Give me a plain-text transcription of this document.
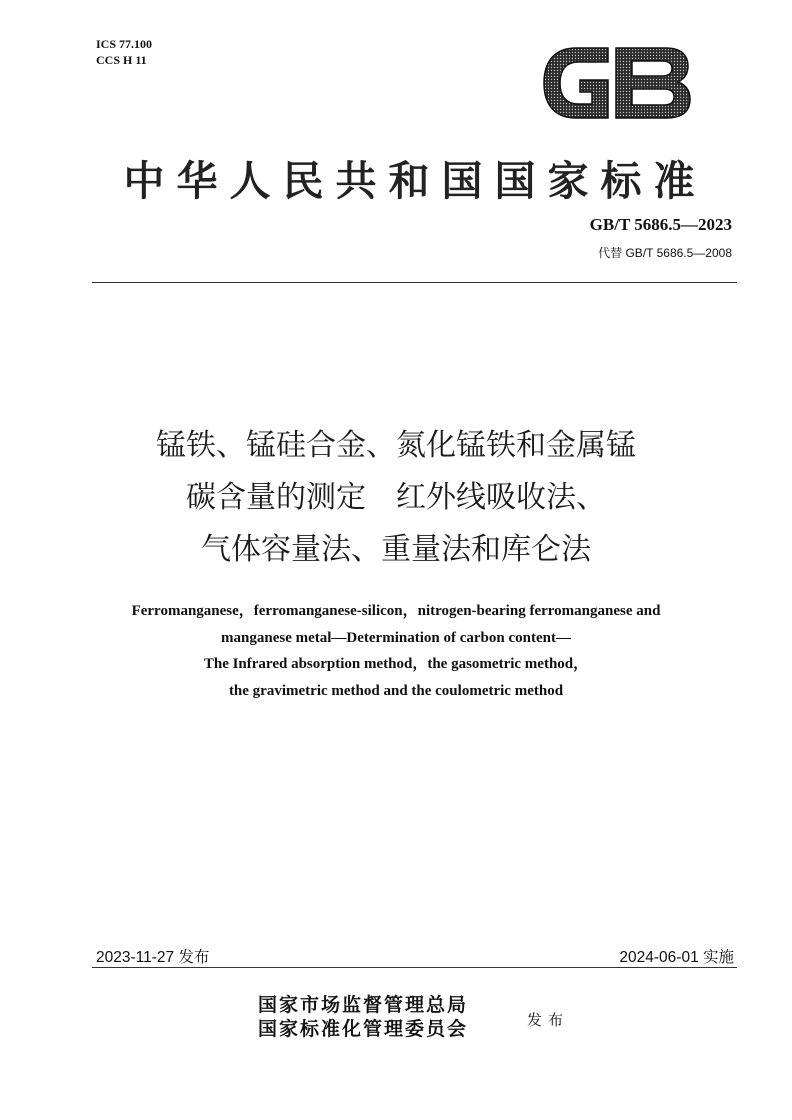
ICS 77.100
CCS H 11
中华人民共和国国家标准
GB/T 5686.5—2023
代替 GB/T 5686.5—2008
锰铁、锰硅合金、氮化锰铁和金属锰
碳含量的测定　红外线吸收法、
气体容量法、重量法和库仑法
Ferromanganese，ferromanganese-silicon，nitrogen-bearing ferromanganese and
manganese metal—Determination of carbon content—
The Infrared absorption method，the gasometric method，
the gravimetric method and the coulometric method
2023-11-27 发布	2024-06-01 实施
国家市场监督管理总局
国家标准化管理委员会	发布
